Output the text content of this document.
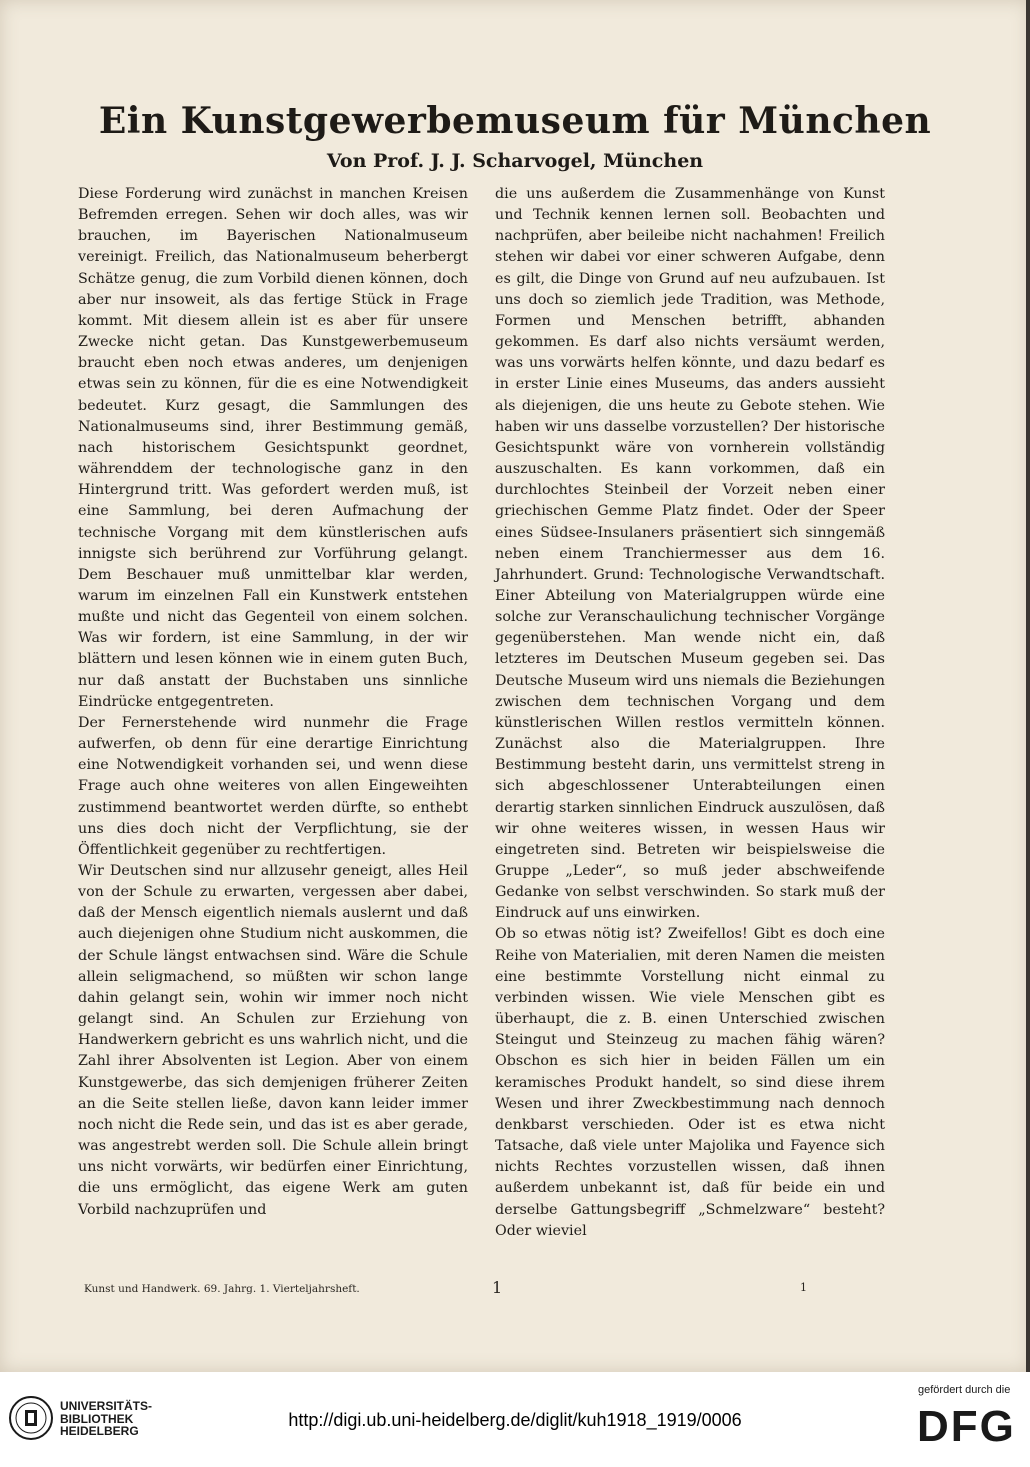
Ein Kunstgewerbemuseum für München
Von Prof. J. J. Scharvogel, München

Diese Forderung wird zunächst in manchen Kreisen Befremden erregen. Sehen wir doch alles, was wir brauchen, im Bayerischen Nationalmuseum vereinigt. Freilich, das Nationalmuseum beherbergt Schätze genug, die zum Vorbild dienen können, doch aber nur insoweit, als das fertige Stück in Frage kommt. Mit diesem allein ist es aber für unsere Zwecke nicht getan. Das Kunstgewerbemuseum braucht eben noch etwas anderes, um denjenigen etwas sein zu können, für die es eine Notwendigkeit bedeutet. Kurz gesagt, die Sammlungen des Nationalmuseums sind, ihrer Bestimmung gemäß, nach historischem Gesichtspunkt geordnet, währenddem der technologische ganz in den Hintergrund tritt. Was gefordert werden muß, ist eine Sammlung, bei deren Aufmachung der technische Vorgang mit dem künstlerischen aufs innigste sich berührend zur Vorführung gelangt. Dem Beschauer muß unmittelbar klar werden, warum im einzelnen Fall ein Kunstwerk entstehen mußte und nicht das Gegenteil von einem solchen. Was wir fordern, ist eine Sammlung, in der wir blättern und lesen können wie in einem guten Buch, nur daß anstatt der Buchstaben uns sinnliche Eindrücke entgegentreten.

Der Fernerstehende wird nunmehr die Frage aufwerfen, ob denn für eine derartige Einrichtung eine Notwendigkeit vorhanden sei, und wenn diese Frage auch ohne weiteres von allen Eingeweihten zustimmend beantwortet werden dürfte, so enthebt uns dies doch nicht der Verpflichtung, sie der Öffentlichkeit gegenüber zu rechtfertigen.

Wir Deutschen sind nur allzusehr geneigt, alles Heil von der Schule zu erwarten, vergessen aber dabei, daß der Mensch eigentlich niemals auslernt und daß auch diejenigen ohne Studium nicht auskommen, die der Schule längst entwachsen sind. Wäre die Schule allein seligmachend, so müßten wir schon lange dahin gelangt sein, wohin wir immer noch nicht gelangt sind. An Schulen zur Erziehung von Handwerkern gebricht es uns wahrlich nicht, und die Zahl ihrer Absolventen ist Legion. Aber von einem Kunstgewerbe, das sich demjenigen früherer Zeiten an die Seite stellen ließe, davon kann leider immer noch nicht die Rede sein, und das ist es aber gerade, was angestrebt werden soll. Die Schule allein bringt uns nicht vorwärts, wir bedürfen einer Einrichtung, die uns ermöglicht, das eigene Werk am guten Vorbild nachzuprüfen und

die uns außerdem die Zusammenhänge von Kunst und Technik kennen lernen soll. Beobachten und nachprüfen, aber beileibe nicht nachahmen! Freilich stehen wir dabei vor einer schweren Aufgabe, denn es gilt, die Dinge von Grund auf neu aufzubauen. Ist uns doch so ziemlich jede Tradition, was Methode, Formen und Menschen betrifft, abhanden gekommen. Es darf also nichts versäumt werden, was uns vorwärts helfen könnte, und dazu bedarf es in erster Linie eines Museums, das anders aussieht als diejenigen, die uns heute zu Gebote stehen. Wie haben wir uns dasselbe vorzustellen? Der historische Gesichtspunkt wäre von vornherein vollständig auszuschalten. Es kann vorkommen, daß ein durchlochtes Steinbeil der Vorzeit neben einer griechischen Gemme Platz findet. Oder der Speer eines Südsee-Insulaners präsentiert sich sinngemäß neben einem Tranchiermesser aus dem 16. Jahrhundert. Grund: Technologische Verwandtschaft. Einer Abteilung von Materialgruppen würde eine solche zur Veranschaulichung technischer Vorgänge gegenüberstehen. Man wende nicht ein, daß letzteres im Deutschen Museum gegeben sei. Das Deutsche Museum wird uns niemals die Beziehungen zwischen dem technischen Vorgang und dem künstlerischen Willen restlos vermitteln können. Zunächst also die Materialgruppen. Ihre Bestimmung besteht darin, uns vermittelst streng in sich abgeschlossener Unterabteilungen einen derartig starken sinnlichen Eindruck auszulösen, daß wir ohne weiteres wissen, in wessen Haus wir eingetreten sind. Betreten wir beispielsweise die Gruppe „Leder“, so muß jeder abschweifende Gedanke von selbst verschwinden. So stark muß der Eindruck auf uns einwirken.

Ob so etwas nötig ist? Zweifellos! Gibt es doch eine Reihe von Materialien, mit deren Namen die meisten eine bestimmte Vorstellung nicht einmal zu verbinden wissen. Wie viele Menschen gibt es überhaupt, die z. B. einen Unterschied zwischen Steingut und Steinzeug zu machen fähig wären? Obschon es sich hier in beiden Fällen um ein keramisches Produkt handelt, so sind diese ihrem Wesen und ihrer Zweckbestimmung nach dennoch denkbarst verschieden. Oder ist es etwa nicht Tatsache, daß viele unter Majolika und Fayence sich nichts Rechtes vorzustellen wissen, daß ihnen außerdem unbekannt ist, daß für beide ein und derselbe Gattungsbegriff „Schmelzware“ besteht? Oder wieviel

Kunst und Handwerk. 69. Jahrg. 1. Vierteljahrsheft.	1	1
UNIVERSITÄTS-
BIBLIOTHEK
HEIDELBERG
http://digi.ub.uni-heidelberg.de/diglit/kuh1918_1919/0006
gefördert durch die
DFG
